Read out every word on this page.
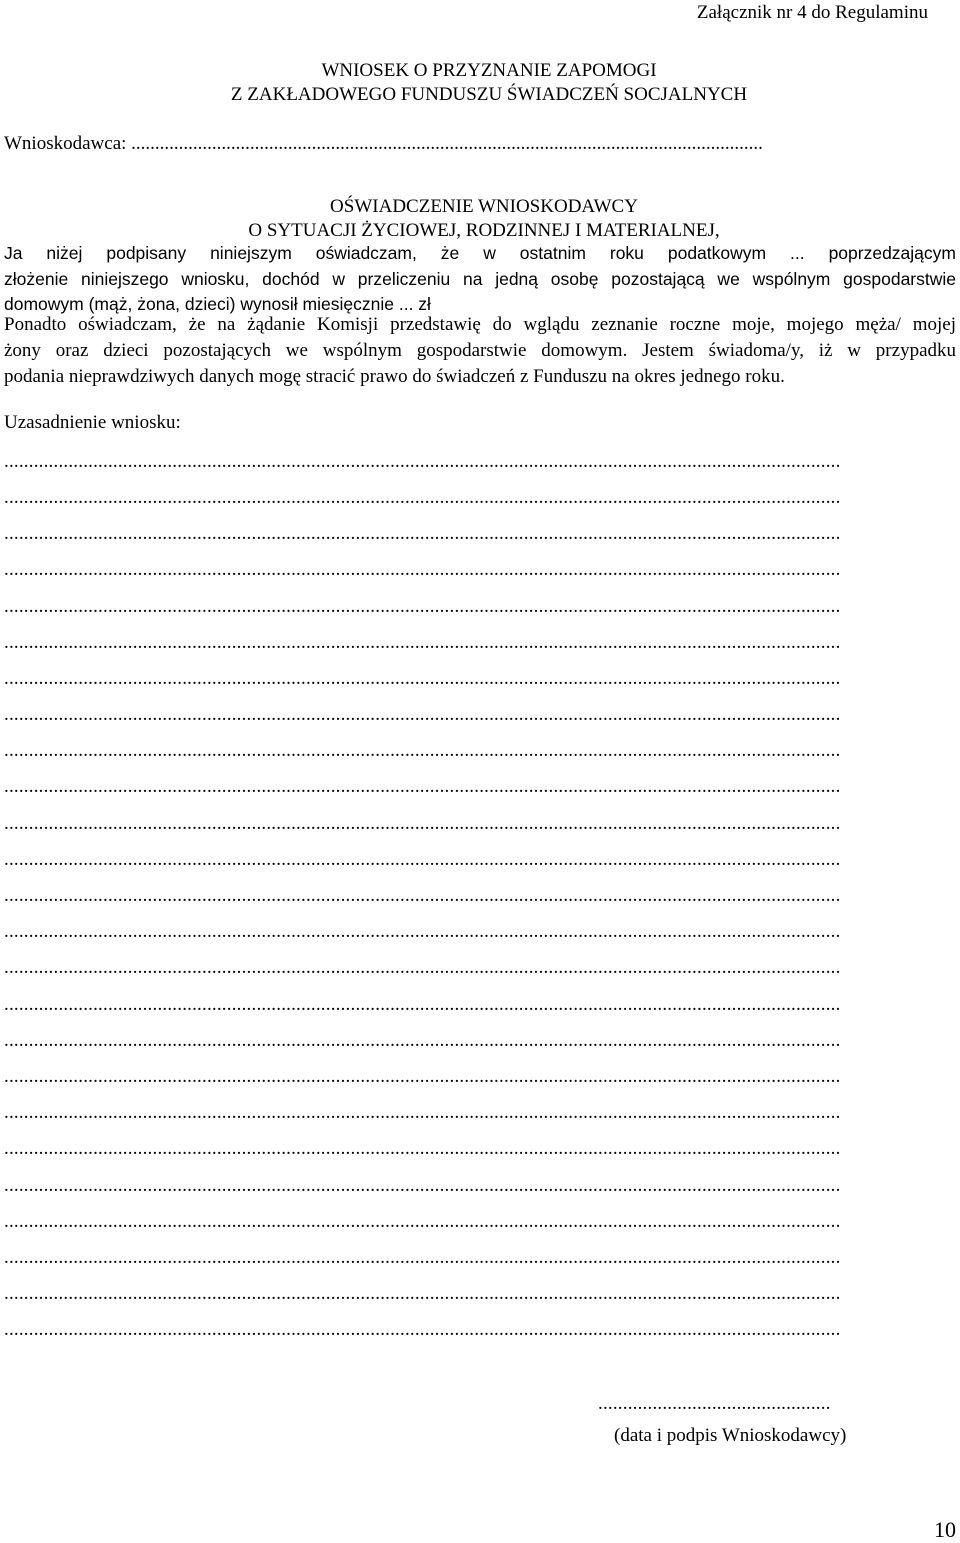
Załącznik nr 4 do Regulaminu
WNIOSEK O PRZYZNANIE ZAPOMOGI
Z ZAKŁADOWEGO FUNDUSZU ŚWIADCZEŃ SOCJALNYCH
Wnioskodawca: .....................................................................................................................................
OŚWIADCZENIE WNIOSKODAWCY
O SYTUACJI ŻYCIOWEJ, RODZINNEJ I MATERIALNEJ,
Ja niżej podpisany niniejszym oświadczam, że w ostatnim roku podatkowym ... poprzedzającym
złożenie niniejszego wniosku, dochód w przeliczeniu na jedną osobę pozostającą we wspólnym gospodarstwie
domowym (mąż, żona, dzieci) wynosił miesięcznie ... zł
Ponadto oświadczam, że na żądanie Komisji przedstawię do wglądu zeznanie roczne moje, mojego męża/ mojej
żony oraz dzieci pozostających we wspólnym gospodarstwie domowym. Jestem świadoma/y, iż w przypadku
podania nieprawdziwych danych mogę stracić prawo do świadczeń z Funduszu na okres jednego roku.
Uzasadnienie wniosku:
.........................................................................................................................................................................
.........................................................................................................................................................................
.........................................................................................................................................................................
.........................................................................................................................................................................
.........................................................................................................................................................................
.........................................................................................................................................................................
.........................................................................................................................................................................
.........................................................................................................................................................................
.........................................................................................................................................................................
.........................................................................................................................................................................
.........................................................................................................................................................................
.........................................................................................................................................................................
.........................................................................................................................................................................
.........................................................................................................................................................................
.........................................................................................................................................................................
.........................................................................................................................................................................
.........................................................................................................................................................................
.........................................................................................................................................................................
.........................................................................................................................................................................
.........................................................................................................................................................................
.........................................................................................................................................................................
.........................................................................................................................................................................
.........................................................................................................................................................................
.........................................................................................................................................................................
.........................................................................................................................................................................
...............................................
(data i podpis Wnioskodawcy)
10
